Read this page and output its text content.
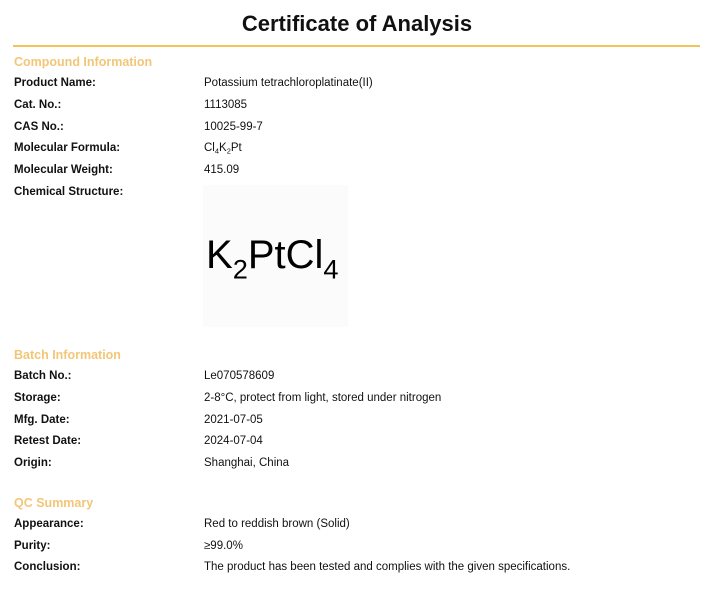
Certificate of Analysis
Compound Information
Product Name:	Potassium tetrachloroplatinate(II)
Cat. No.:	1113085
CAS No.:	10025-99-7
Molecular Formula:	$Cl_4K_2Pt$
Molecular Weight:	415.09
Chemical Structure:
$K_2PtCl_4$
Batch Information
Batch No.:	Le070578609
Storage:	2-8°C, protect from light, stored under nitrogen
Mfg. Date:	2021-07-05
Retest Date:	2024-07-04
Origin:	Shanghai, China
QC Summary
Appearance:	Red to reddish brown (Solid)
Purity:	≥99.0%
Conclusion:	The product has been tested and complies with the given specifications.
